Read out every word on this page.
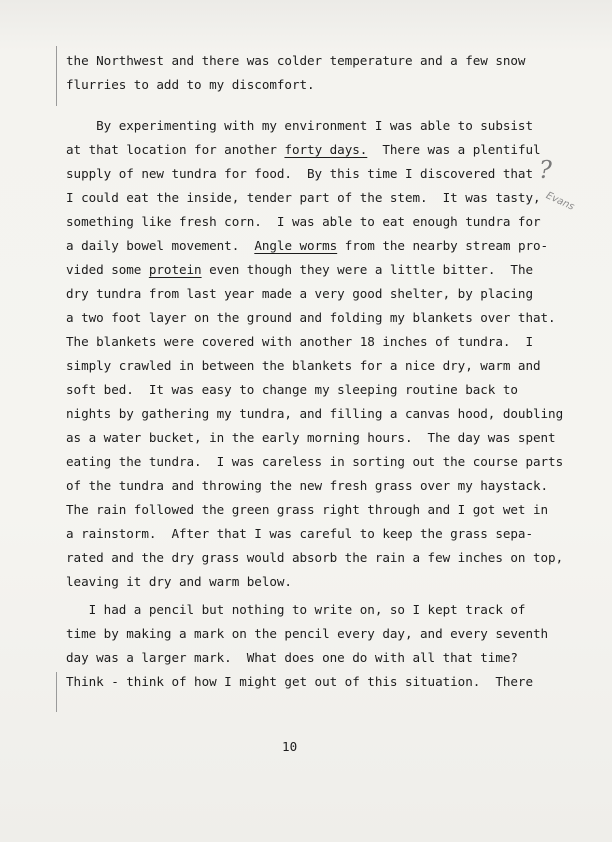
the Northwest and there was colder temperature and a few snow
flurries to add to my discomfort.
By experimenting with my environment I was able to subsist
at that location for another forty days.  There was a plentiful
supply of new tundra for food.  By this time I discovered that
I could eat the inside, tender part of the stem.  It was tasty,
something like fresh corn.  I was able to eat enough tundra for
a daily bowel movement.  Angle worms from the nearby stream pro-
vided some protein even though they were a little bitter.  The
dry tundra from last year made a very good shelter, by placing
a two foot layer on the ground and folding my blankets over that.
The blankets were covered with another 18 inches of tundra.  I
simply crawled in between the blankets for a nice dry, warm and
soft bed.  It was easy to change my sleeping routine back to
nights by gathering my tundra, and filling a canvas hood, doubling
as a water bucket, in the early morning hours.  The day was spent
eating the tundra.  I was careless in sorting out the course parts
of the tundra and throwing the new fresh grass over my haystack.
The rain followed the green grass right through and I got wet in
a rainstorm.  After that I was careful to keep the grass sepa-
rated and the dry grass would absorb the rain a few inches on top,
leaving it dry and warm below.
I had a pencil but nothing to write on, so I kept track of
time by making a mark on the pencil every day, and every seventh
day was a larger mark.  What does one do with all that time?
Think - think of how I might get out of this situation.  There
?
Evans
10
